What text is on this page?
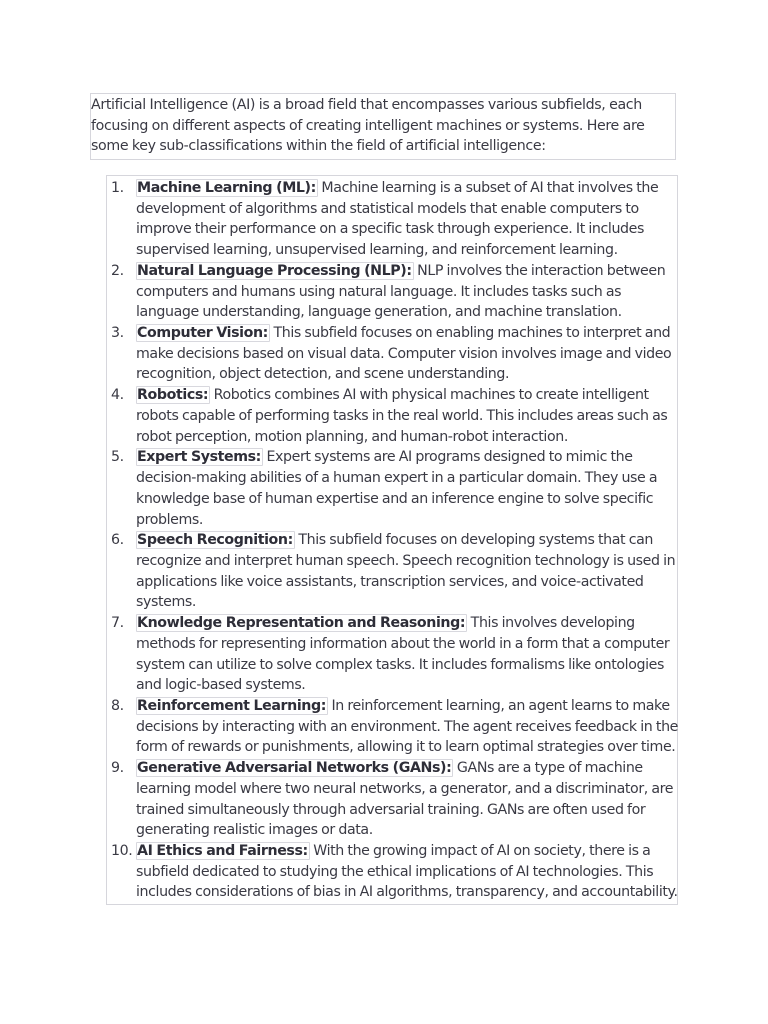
Artificial Intelligence (AI) is a broad field that encompasses various subfields, each focusing on different aspects of creating intelligent machines or systems. Here are some key sub-classifications within the field of artificial intelligence:
1. Machine Learning (ML): Machine learning is a subset of AI that involves the development of algorithms and statistical models that enable computers to improve their performance on a specific task through experience. It includes supervised learning, unsupervised learning, and reinforcement learning.
2. Natural Language Processing (NLP): NLP involves the interaction between computers and humans using natural language. It includes tasks such as language understanding, language generation, and machine translation.
3. Computer Vision: This subfield focuses on enabling machines to interpret and make decisions based on visual data. Computer vision involves image and video recognition, object detection, and scene understanding.
4. Robotics: Robotics combines AI with physical machines to create intelligent robots capable of performing tasks in the real world. This includes areas such as robot perception, motion planning, and human-robot interaction.
5. Expert Systems: Expert systems are AI programs designed to mimic the decision-making abilities of a human expert in a particular domain. They use a knowledge base of human expertise and an inference engine to solve specific problems.
6. Speech Recognition: This subfield focuses on developing systems that can recognize and interpret human speech. Speech recognition technology is used in applications like voice assistants, transcription services, and voice-activated systems.
7. Knowledge Representation and Reasoning: This involves developing methods for representing information about the world in a form that a computer system can utilize to solve complex tasks. It includes formalisms like ontologies and logic-based systems.
8. Reinforcement Learning: In reinforcement learning, an agent learns to make decisions by interacting with an environment. The agent receives feedback in the form of rewards or punishments, allowing it to learn optimal strategies over time.
9. Generative Adversarial Networks (GANs): GANs are a type of machine learning model where two neural networks, a generator, and a discriminator, are trained simultaneously through adversarial training. GANs are often used for generating realistic images or data.
10. AI Ethics and Fairness: With the growing impact of AI on society, there is a subfield dedicated to studying the ethical implications of AI technologies. This includes considerations of bias in AI algorithms, transparency, and accountability.
